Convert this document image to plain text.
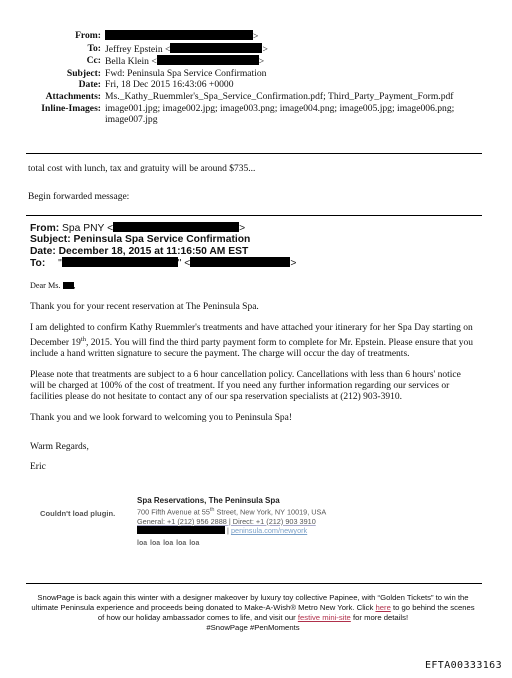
From:	>
To: Jeffrey Epstein <	>
Cc: Bella Klein <	>
Subject: Fwd: Peninsula Spa Service Confirmation
Date: Fri, 18 Dec 2015 16:43:06 +0000
Attachments: Ms._Kathy_Ruemmler's_Spa_Service_Confirmation.pdf; Third_Party_Payment_Form.pdf
Inline-Images: image001.jpg; image002.jpg; image003.png; image004.png; image005.jpg; image006.png; image007.jpg
total cost with lunch, tax and gratuity will be around $735...
Begin forwarded message:
From: Spa PNY <	>
Subject: Peninsula Spa Service Confirmation
Date: December 18, 2015 at 11:16:50 AM EST
To: "	" <	>

Dear Ms. ,

Thank you for your recent reservation at The Peninsula Spa.

I am delighted to confirm Kathy Ruemmler's treatments and have attached your itinerary for her Spa Day starting on December 19th, 2015. You will find the third party payment form to complete for Mr. Epstein. Please ensure that you include a hand written signature to secure the payment. The charge will occur the day of treatments.

Please note that treatments are subject to a 6 hour cancellation policy. Cancellations with less than 6 hours' notice will be charged at 100% of the cost of treatment. If you need any further information regarding our services or facilities please do not hesitate to contact any of our spa reservation specialists at (212) 903-3910.

Thank you and we look forward to welcoming you to Peninsula Spa!

Warm Regards,

Eric

Couldn't load plugin.
Spa Reservations, The Peninsula Spa
700 Fifth Avenue at 55th Street, New York, NY 10019, USA
General: +1 (212) 956 2888 | Direct: +1 (212) 903 3910
| peninsula.com/newyork
loa loa loa loa loa
SnowPage is back again this winter with a designer makeover by luxury toy collective Papinee, with “Golden Tickets” to win the ultimate Peninsula experience and proceeds being donated to Make-A-Wish® Metro New York. Click here to go behind the scenes of how our holiday ambassador comes to life, and visit our festive mini-site for more details!
#SnowPage #PenMoments
EFTA00333163
